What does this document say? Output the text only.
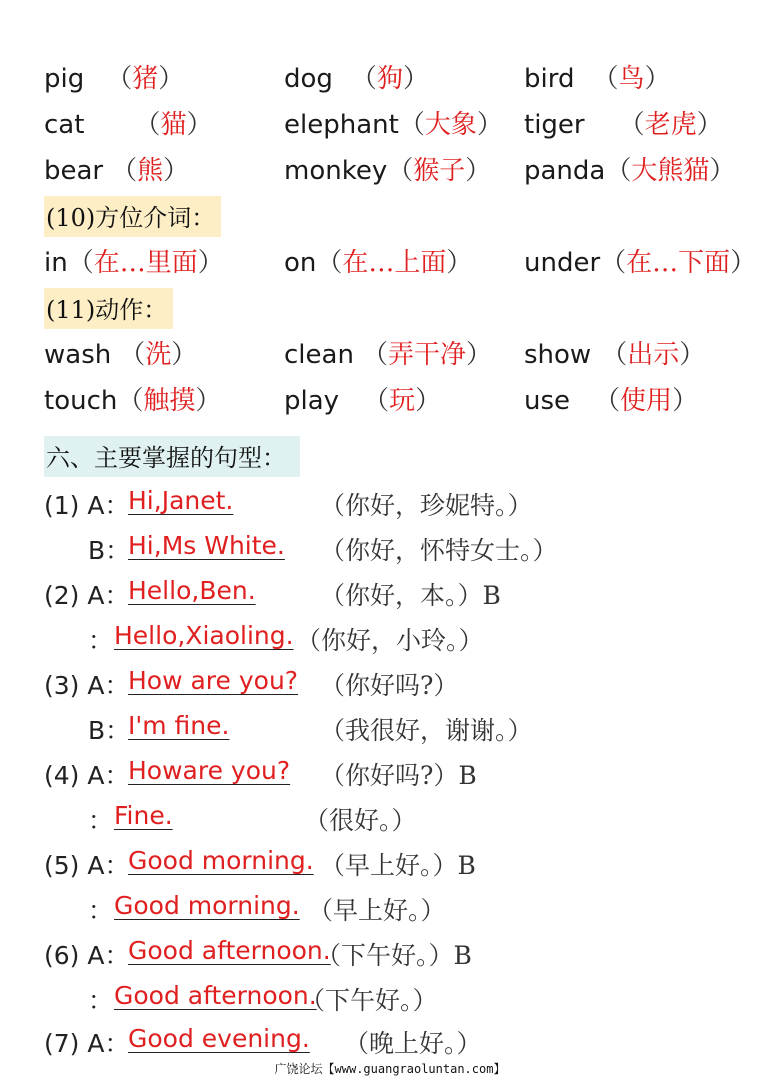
pig （猪）	dog （狗）	bird （鸟）
cat （猫）	elephant（大象） tiger （老虎）
bear （熊）	monkey（猴子） panda（大熊猫）
(10)方位介词：
in（在…里面） on（在…上面） under（在…下面）
(11)动作：
wash （洗）	clean （弄干净） show （出示）
touch（触摸） play （玩）	use （使用）
六、主要掌握的句型：
(1) A：
Hi,Janet.	（你好，珍妮特。）
B：
Hi,Ms White. （你好，怀特女士。）
(2) A：
Hello,Ben.	（你好，本。）B
： Hello,Xiaoling. （你好，小玲。）
(3) A：
How are you? （你好吗?）
B：
I'm fine.	（我很好，谢谢。）
(4) A：
Howare you? （你好吗?）B
： Fine.	（很好。）
(5) A：
Good morning. （早上好。）B
： Good morning. （早上好。）
(6) A：
Good afternoon.
（下午好。）B
： Good afternoon.
（下午好。）
(7) A：
Good evening. （晚上好。）
广饶论坛【www.guangraoluntan.com】
